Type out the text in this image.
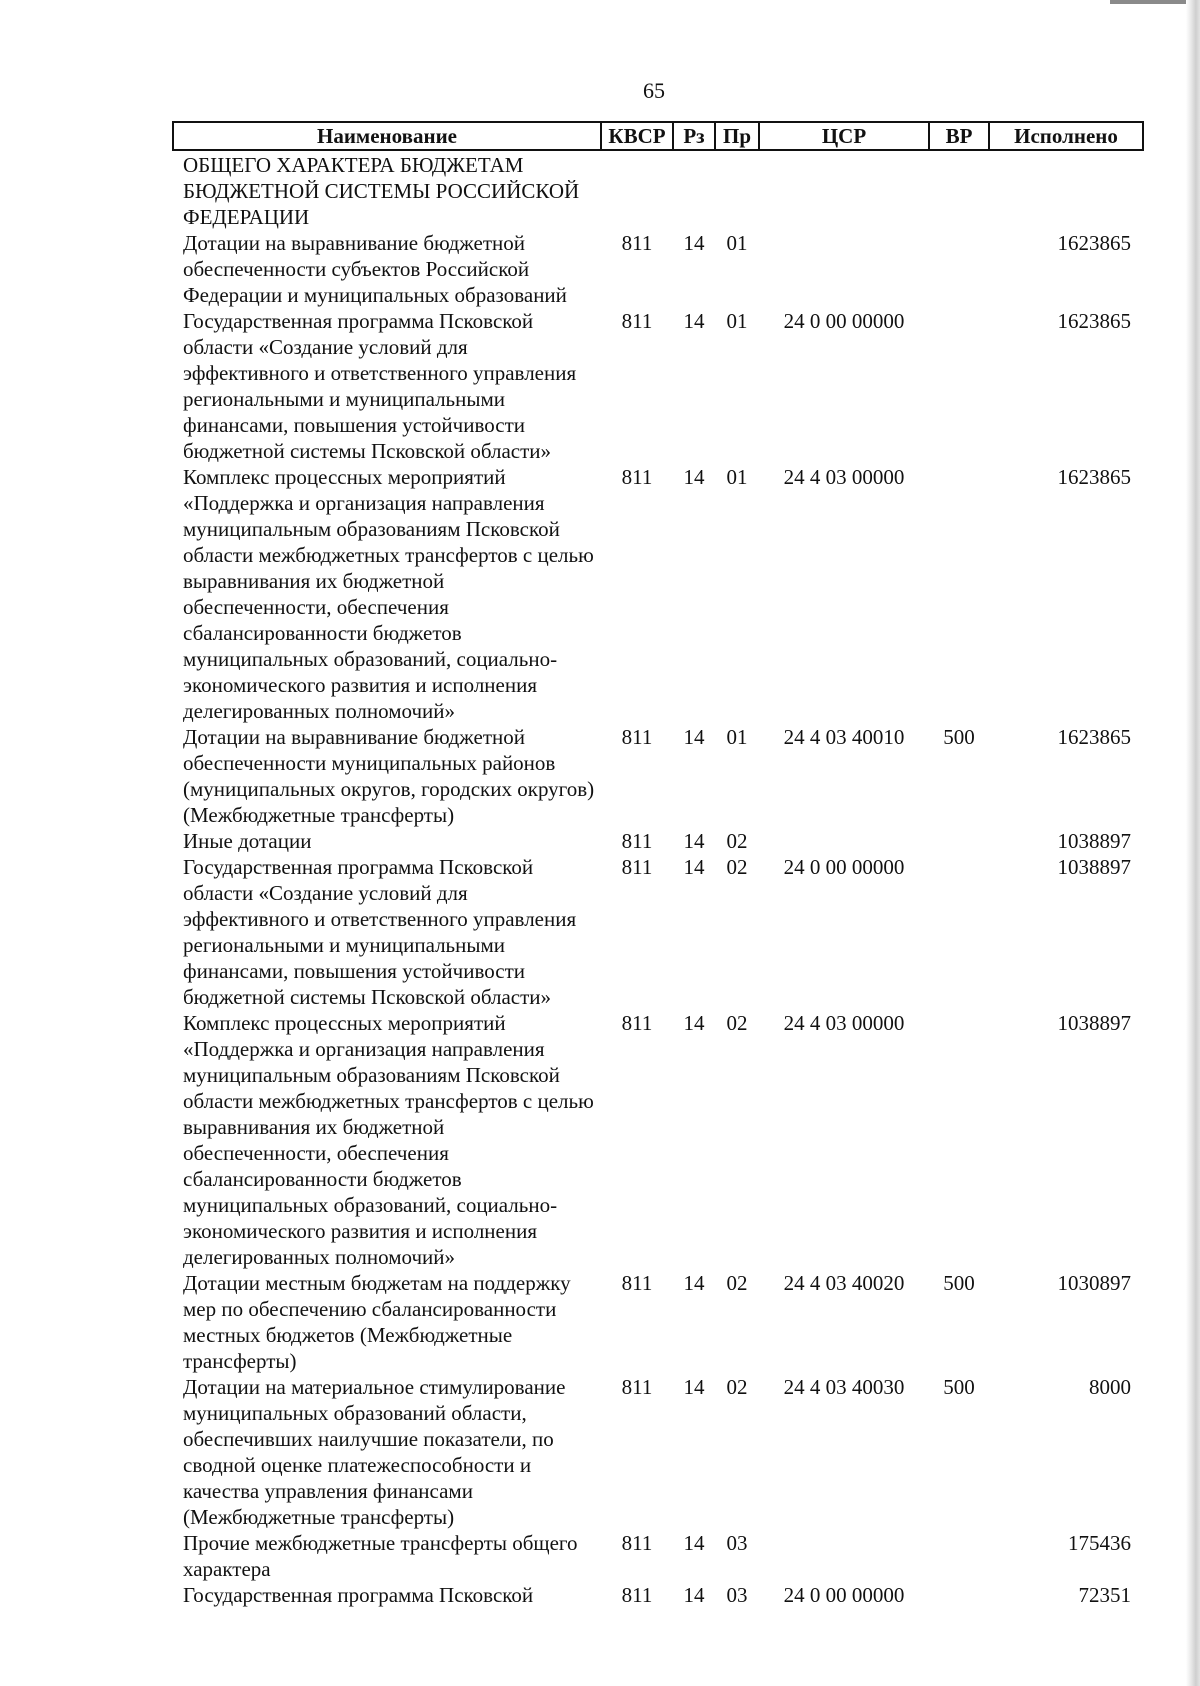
65
Наименование	КВСР	Рз	Пр	ЦСР	ВР	Исполнено
ОБЩЕГО ХАРАКТЕРА БЮДЖЕТАМ БЮДЖЕТНОЙ СИСТЕМЫ РОССИЙСКОЙ ФЕДЕРАЦИИ						
Дотации на выравнивание бюджетной обеспеченности субъектов Российской Федерации и муниципальных образований	811	14	01			1623865
Государственная программа Псковской области «Создание условий для эффективного и ответственного управления региональными и муниципальными финансами, повышения устойчивости бюджетной системы Псковской области»	811	14	01	24 0 00 00000		1623865
Комплекс процессных мероприятий «Поддержка и организация направления муниципальным образованиям Псковской области межбюджетных трансфертов с целью выравнивания их бюджетной обеспеченности, обеспечения сбалансированности бюджетов муниципальных образований, социально-экономического развития и исполнения делегированных полномочий»	811	14	01	24 4 03 00000		1623865
Дотации на выравнивание бюджетной обеспеченности муниципальных районов (муниципальных округов, городских округов) (Межбюджетные трансферты)	811	14	01	24 4 03 40010	500	1623865
Иные дотации	811	14	02			1038897
Государственная программа Псковской области «Создание условий для эффективного и ответственного управления региональными и муниципальными финансами, повышения устойчивости бюджетной системы Псковской области»	811	14	02	24 0 00 00000		1038897
Комплекс процессных мероприятий «Поддержка и организация направления муниципальным образованиям Псковской области межбюджетных трансфертов с целью выравнивания их бюджетной обеспеченности, обеспечения сбалансированности бюджетов муниципальных образований, социально-экономического развития и исполнения делегированных полномочий»	811	14	02	24 4 03 00000		1038897
Дотации местным бюджетам на поддержку мер по обеспечению сбалансированности местных бюджетов (Межбюджетные трансферты)	811	14	02	24 4 03 40020	500	1030897
Дотации на материальное стимулирование муниципальных образований области, обеспечивших наилучшие показатели, по сводной оценке платежеспособности и качества управления финансами (Межбюджетные трансферты)	811	14	02	24 4 03 40030	500	8000
Прочие межбюджетные трансферты общего характера	811	14	03			175436
Государственная программа Псковской	811	14	03	24 0 00 00000		72351
